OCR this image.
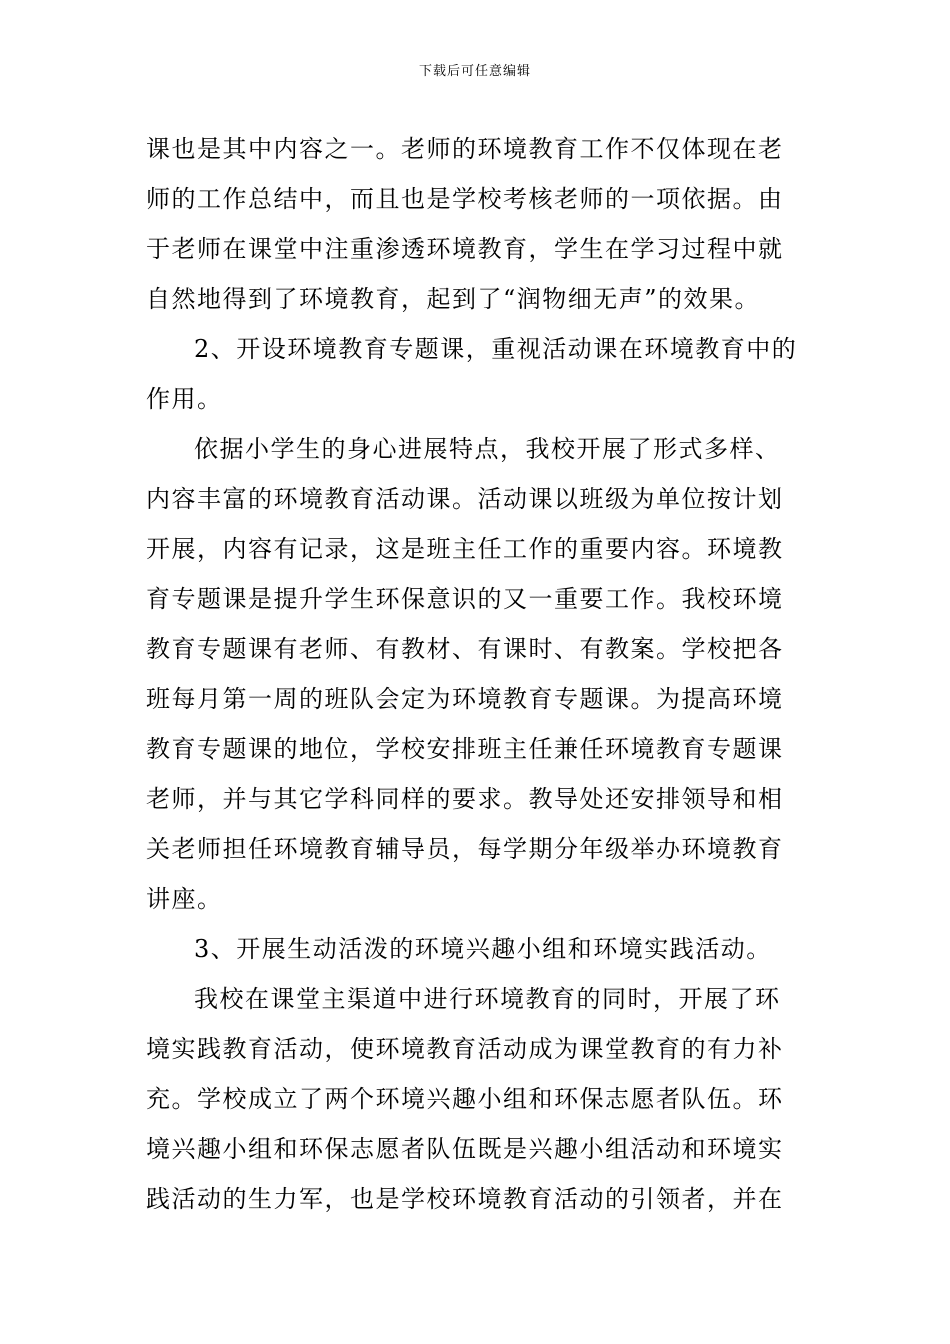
下载后可任意编辑
课也是其中内容之一。老师的环境教育工作不仅体现在老
师的工作总结中，而且也是学校考核老师的一项依据。由
于老师在课堂中注重渗透环境教育，学生在学习过程中就
自然地得到了环境教育，起到了“润物细无声”的效果。
2、开设环境教育专题课，重视活动课在环境教育中的
作用。
依据小学生的身心进展特点，我校开展了形式多样、
内容丰富的环境教育活动课。活动课以班级为单位按计划
开展，内容有记录，这是班主任工作的重要内容。环境教
育专题课是提升学生环保意识的又一重要工作。我校环境
教育专题课有老师、有教材、有课时、有教案。学校把各
班每月第一周的班队会定为环境教育专题课。为提高环境
教育专题课的地位，学校安排班主任兼任环境教育专题课
老师，并与其它学科同样的要求。教导处还安排领导和相
关老师担任环境教育辅导员，每学期分年级举办环境教育
讲座。
3、开展生动活泼的环境兴趣小组和环境实践活动。
我校在课堂主渠道中进行环境教育的同时，开展了环
境实践教育活动，使环境教育活动成为课堂教育的有力补
充。学校成立了两个环境兴趣小组和环保志愿者队伍。环
境兴趣小组和环保志愿者队伍既是兴趣小组活动和环境实
践活动的生力军，也是学校环境教育活动的引领者，并在
